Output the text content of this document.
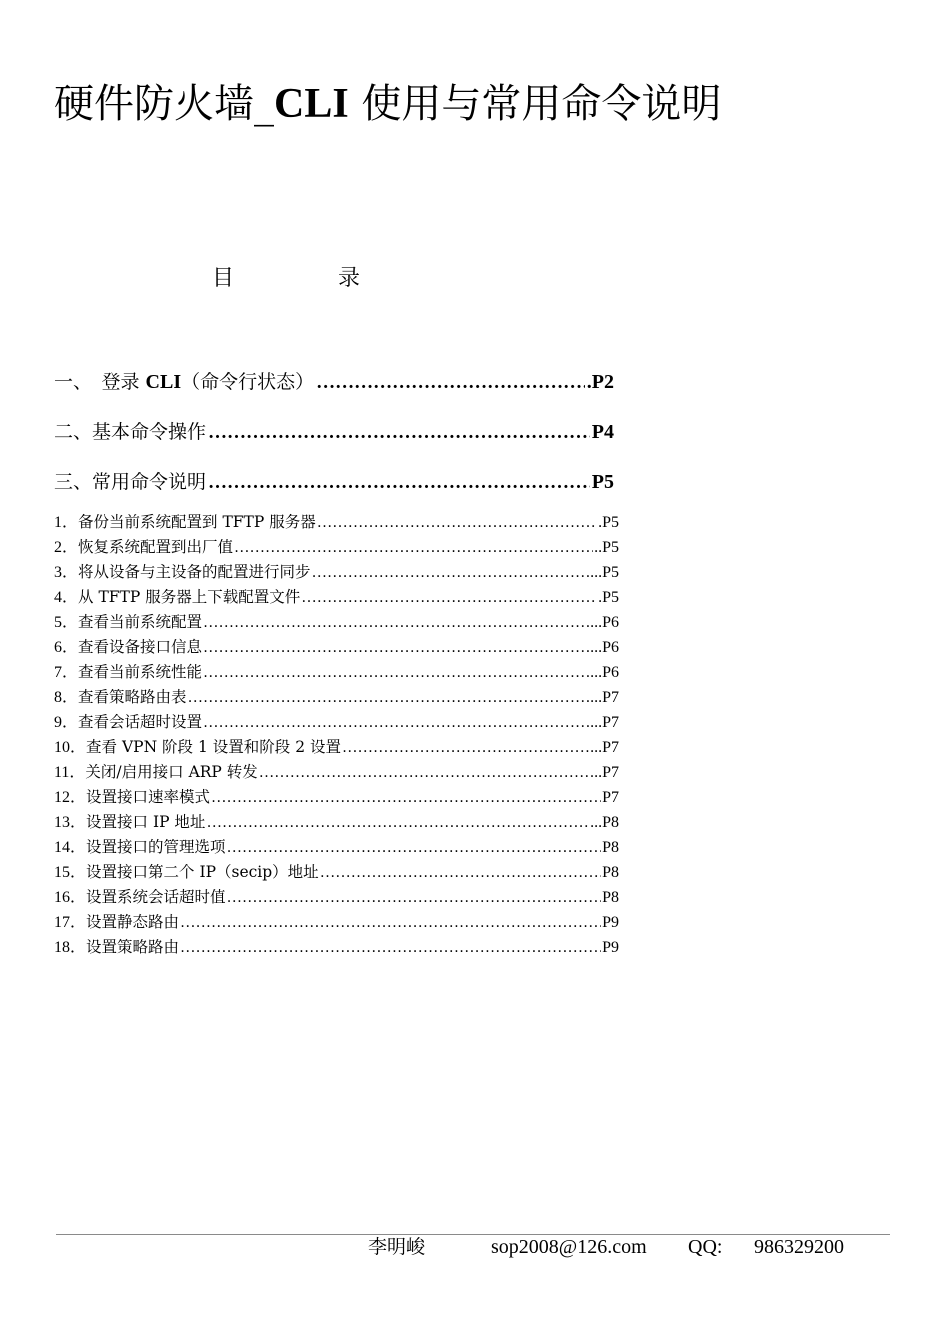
硬件防火墙_CLI 使用与常用命令说明
目	录
一、　登录 CLI（命令行状态） ………………………………………………………………………………………………………………	.P2
二、基本命令操作 ………………………………………………………………………………………………………………	P4
三、常用命令说明 ………………………………………………………………………………………………………………	P5
1． 备份当前系统配置到 TFTP 服务器 ………………………………………………………………………………………………………………………………	.P5
2． 恢复系统配置到出厂值 ………………………………………………………………………………………………………………………………	..P5
3． 将从设备与主设备的配置进行同步 ………………………………………………………………………………………………………………………………	...P5
4． 从 TFTP 服务器上下载配置文件 ………………………………………………………………………………………………………………………………	.P5
5． 查看当前系统配置 ………………………………………………………………………………………………………………………………	...P6
6． 查看设备接口信息 ………………………………………………………………………………………………………………………………	...P6
7． 查看当前系统性能 ………………………………………………………………………………………………………………………………	...P6
8． 查看策略路由表 ………………………………………………………………………………………………………………………………	...P7
9． 查看会话超时设置 ………………………………………………………………………………………………………………………………	...P7
10． 查看 VPN 阶段 1 设置和阶段 2 设置 ………………………………………………………………………………………………………………………………	...P7
11． 关闭/启用接口 ARP 转发 ………………………………………………………………………………………………………………………………	..P7
12． 设置接口速率模式 ………………………………………………………………………………………………………………………………	P7
13． 设置接口 IP 地址 ………………………………………………………………………………………………………………………………	...P8
14． 设置接口的管理选项 ………………………………………………………………………………………………………………………………	P8
15． 设置接口第二个 IP（secip）地址 ………………………………………………………………………………………………………………………………	P8
16． 设置系统会话超时值 ………………………………………………………………………………………………………………………………	P8
17． 设置静态路由 ………………………………………………………………………………………………………………………………	P9
18． 设置策略路由 ………………………………………………………………………………………………………………………………	P9
李明峻	sop2008@126.com QQ: 986329200
